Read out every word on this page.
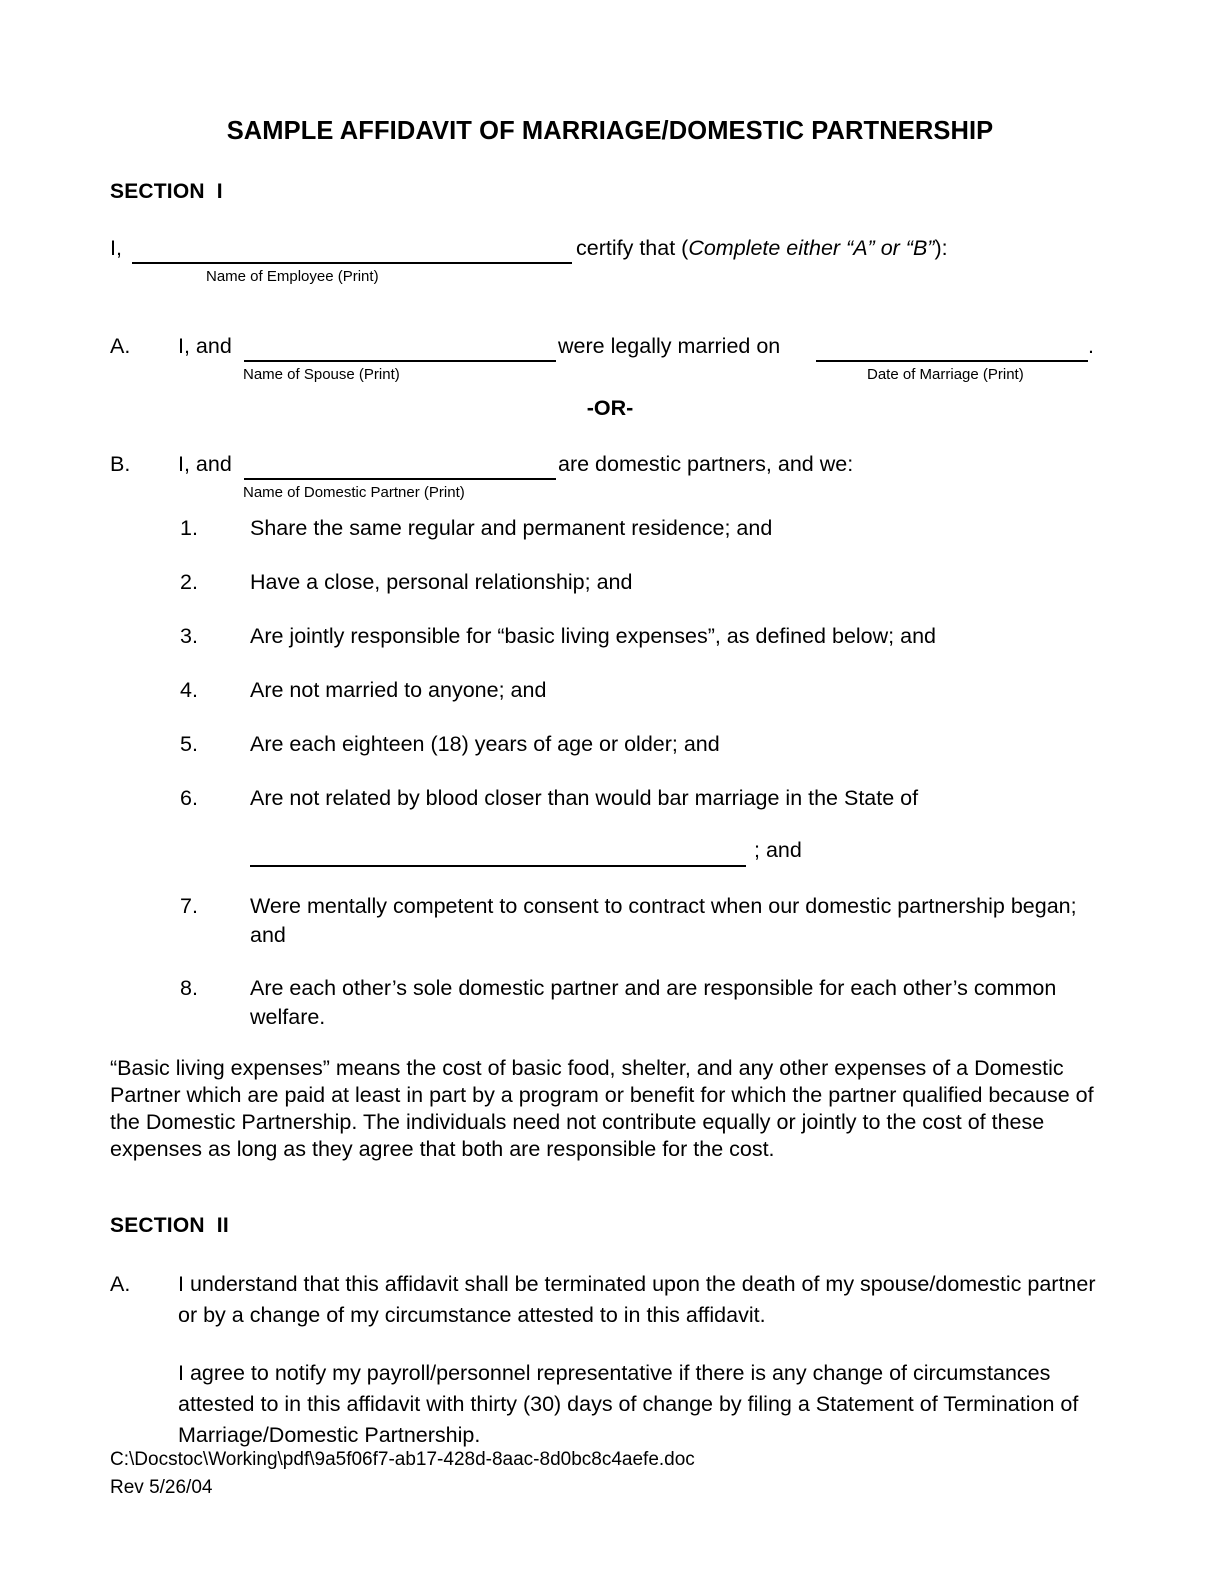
SAMPLE AFFIDAVIT OF MARRIAGE/DOMESTIC PARTNERSHIP
SECTION  I
I,
Name of Employee (Print)
certify that (Complete either “A” or “B”):
A. I, and
Name of Spouse (Print)
were legally married on
Date of Marriage (Print)
.
-OR-
B. I, and
Name of Domestic Partner (Print)
are domestic partners, and we:
1.	Share the same regular and permanent residence; and
2.	Have a close, personal relationship; and
3.	Are jointly responsible for “basic living expenses”, as defined below; and
4.	Are not married to anyone; and
5.	Are each eighteen (18) years of age or older; and
6.	Are not related by blood closer than would bar marriage in the State of
; and
7.	Were mentally competent to consent to contract when our domestic partnership began; and
8.	Are each other’s sole domestic partner and are responsible for each other’s common welfare.
“Basic living expenses” means the cost of basic food, shelter, and any other expenses of a Domestic Partner which are paid at least in part by a program or benefit for which the partner qualified because of the Domestic Partnership. The individuals need not contribute equally or jointly to the cost of these expenses as long as they agree that both are responsible for the cost.
SECTION  II
A.	I understand that this affidavit shall be terminated upon the death of my spouse/domestic partner or by a change of my circumstance attested to in this affidavit.
I agree to notify my payroll/personnel representative if there is any change of circumstances attested to in this affidavit with thirty (30) days of change by filing a Statement of Termination of Marriage/Domestic Partnership.
C:\Docstoc\Working\pdf\9a5f06f7-ab17-428d-8aac-8d0bc8c4aefe.doc
Rev 5/26/04
